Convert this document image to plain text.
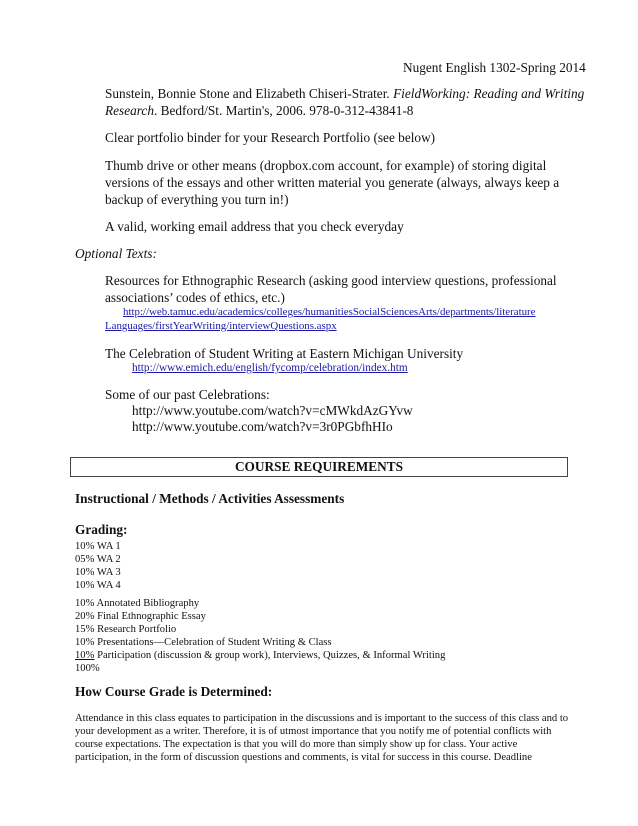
Nugent English 1302-Spring 2014
Sunstein, Bonnie Stone and Elizabeth Chiseri-Strater. FieldWorking: Reading and Writing
Research. Bedford/St. Martin's, 2006. 978-0-312-43841-8
Clear portfolio binder for your Research Portfolio (see below)
Thumb drive or other means (dropbox.com account, for example) of storing digital
versions of the essays and other written material you generate (always, always keep a
backup of everything you turn in!)
A valid, working email address that you check everyday
Optional Texts:
Resources for Ethnographic Research (asking good interview questions, professional
associations’ codes of ethics, etc.)
http://web.tamuc.edu/academics/colleges/humanitiesSocialSciencesArts/departments/literature
Languages/firstYearWriting/interviewQuestions.aspx
The Celebration of Student Writing at Eastern Michigan University
http://www.emich.edu/english/fycomp/celebration/index.htm
Some of our past Celebrations:
http://www.youtube.com/watch?v=cMWkdAzGYvw
http://www.youtube.com/watch?v=3r0PGbfhHIo
COURSE REQUIREMENTS
Instructional / Methods / Activities Assessments
Grading:
10% WA 1
05% WA 2
10% WA 3
10% WA 4
10% Annotated Bibliography
20% Final Ethnographic Essay
15% Research Portfolio
10% Presentations—Celebration of Student Writing & Class
10% Participation (discussion & group work), Interviews, Quizzes, & Informal Writing
100%
How Course Grade is Determined:
Attendance in this class equates to participation in the discussions and is important to the success of this class and to
your development as a writer. Therefore, it is of utmost importance that you notify me of potential conflicts with
course expectations. The expectation is that you will do more than simply show up for class. Your active
participation, in the form of discussion questions and comments, is vital for success in this course. Deadline
